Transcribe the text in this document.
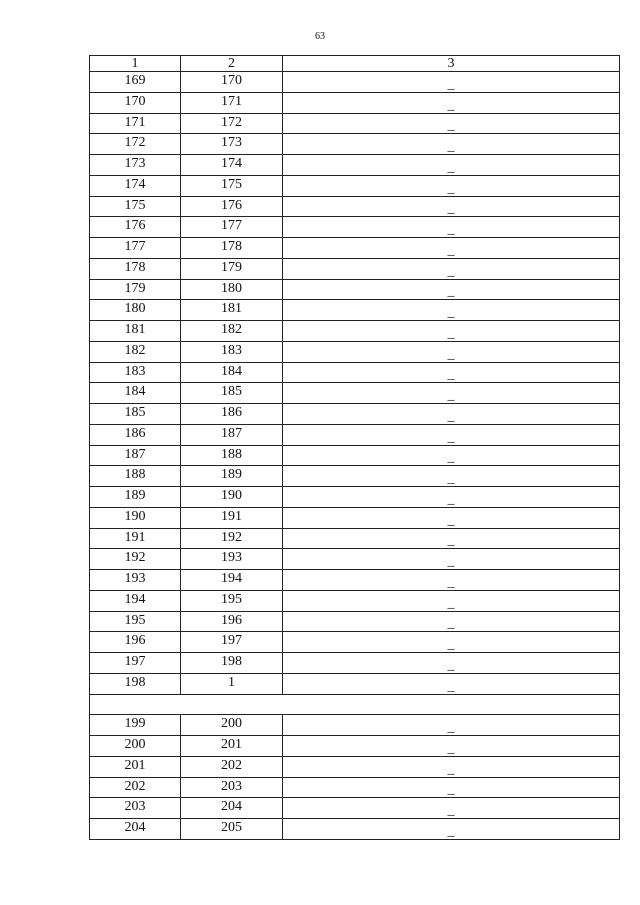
63
1	2	3
169	170	_
170	171	_
171	172	_
172	173	_
173	174	_
174	175	_
175	176	_
176	177	_
177	178	_
178	179	_
179	180	_
180	181	_
181	182	_
182	183	_
183	184	_
184	185	_
185	186	_
186	187	_
187	188	_
188	189	_
189	190	_
190	191	_
191	192	_
192	193	_
193	194	_
194	195	_
195	196	_
196	197	_
197	198	_
198	1	_

199	200	_
200	201	_
201	202	_
202	203	_
203	204	_
204	205	_
